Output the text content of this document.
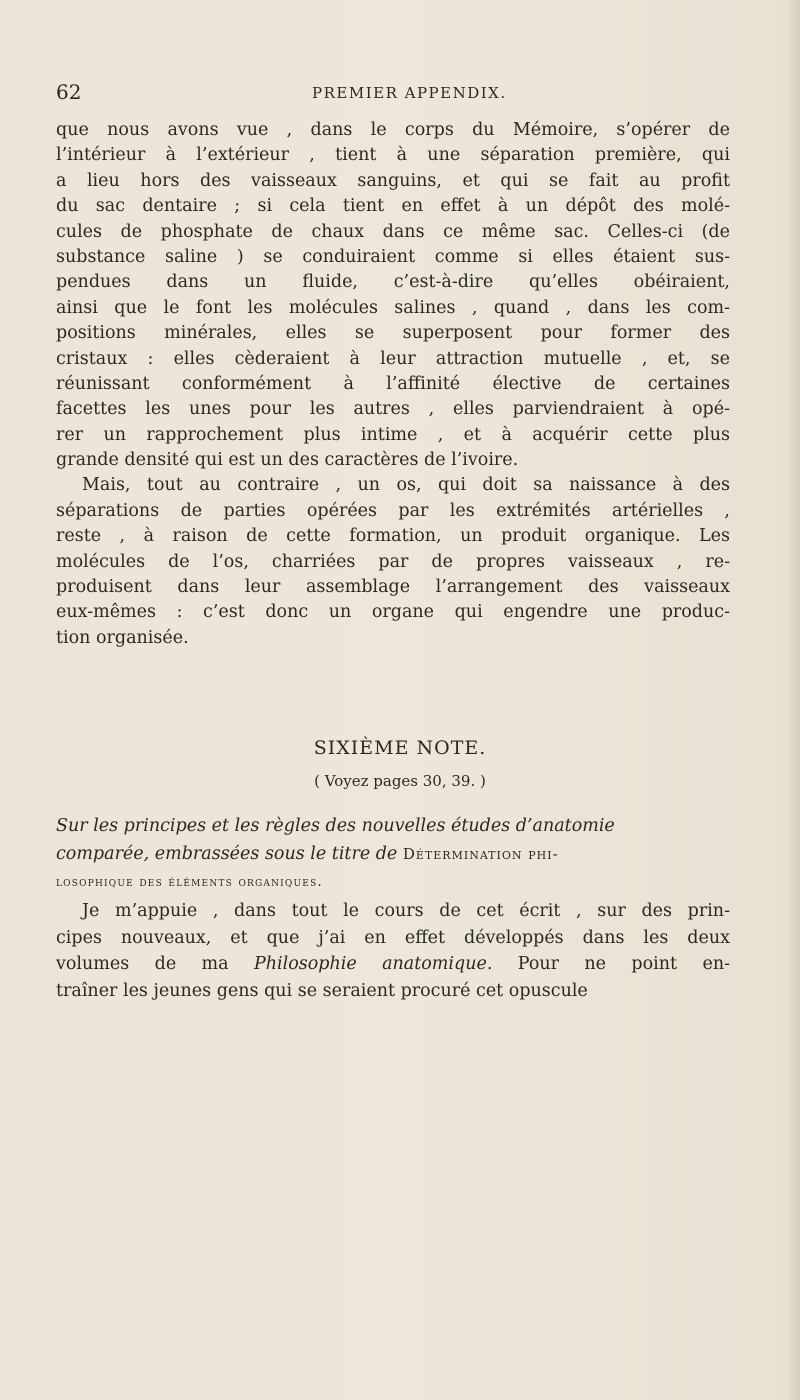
62	PREMIER APPENDIX.
que nous avons vue , dans le corps du Mémoire, s’opérer de
l’intérieur à l’extérieur , tient à une séparation première, qui
a lieu hors des vaisseaux sanguins, et qui se fait au profit
du sac dentaire ; si cela tient en effet à un dépôt des molé-
cules de phosphate de chaux dans ce même sac. Celles-ci (de
substance saline ) se conduiraient comme si elles étaient sus-
pendues dans un fluide, c’est-à-dire qu’elles obéiraient,
ainsi que le font les molécules salines , quand , dans les com-
positions minérales, elles se superposent pour former des
cristaux : elles cèderaient à leur attraction mutuelle , et, se
réunissant conformément à l’affinité élective de certaines
facettes les unes pour les autres , elles parviendraient à opé-
rer un rapprochement plus intime , et à acquérir cette plus
grande densité qui est un des caractères de l’ivoire.
Mais, tout au contraire , un os, qui doit sa naissance à des
séparations de parties opérées par les extrémités artérielles ,
reste , à raison de cette formation, un produit organique. Les
molécules de l’os, charriées par de propres vaisseaux , re-
produisent dans leur assemblage l’arrangement des vaisseaux
eux-mêmes : c’est donc un organe qui engendre une produc-
tion organisée.
SIXIÈME NOTE.
( Voyez pages 30, 39. )
Sur les principes et les règles des nouvelles études d’anatomie
comparée, embrassées sous le titre de Détermination phi-
losophique des éléments organiques.
Je m’appuie , dans tout le cours de cet écrit , sur des prin-
cipes nouveaux, et que j’ai en effet développés dans les deux
volumes de ma Philosophie anatomique. Pour ne point en-
traîner les jeunes gens qui se seraient procuré cet opuscule
